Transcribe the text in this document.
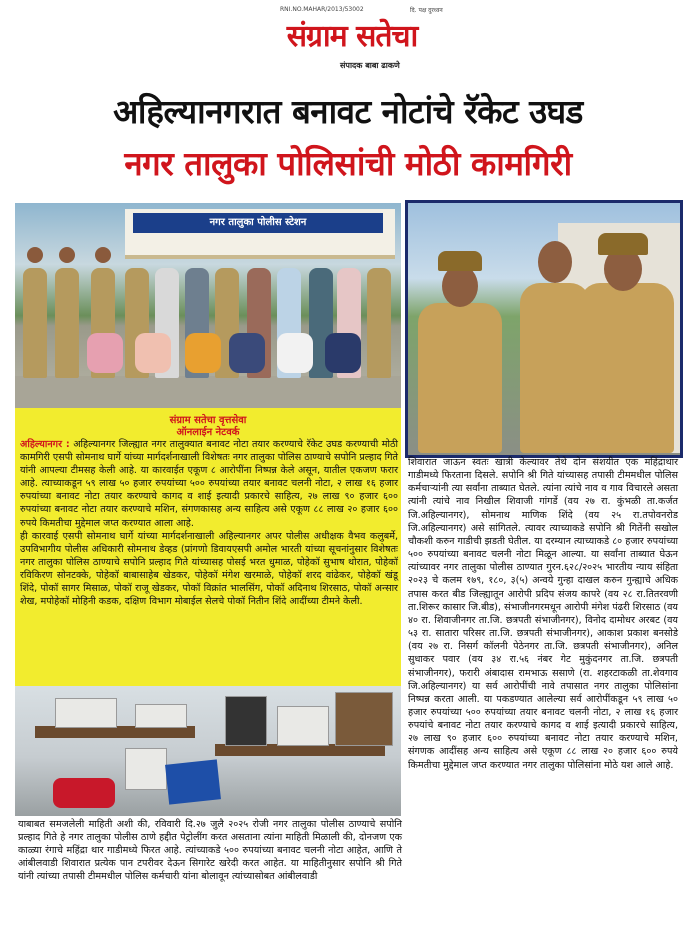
RNI.NO.MAHAR/2013/53002	दि. पक्ष दुरध्वन
संग्राम सतेचा
संपादक बाबा ढाकणे
अहिल्यानगरात बनावट नोटांचे रॅकेट उघड
नगर तालुका पोलिसांची मोठी कामगिरी
नगर तालुका पोलीस स्टेशन
संग्राम सतेचा वृत्तसेवा
ऑनलाईन नेटवर्क

अहिल्यानगर : अहिल्यानगर जिल्ह्यात नगर तालुक्यात बनावट नोटा तयार करण्याचे रॅकेट उघड करण्याची मोठी कामगिरी एसपी सोमनाथ घार्गे यांच्या मार्गदर्शनाखाली विशेषतः नगर तालुका पोलिस ठाण्याचे सपोनि प्रल्हाद गिते यांनी आपल्या टीमसह केली आहे. या कारवाईत एकूण ८ आरोपींना निष्पन्न केले असून, यातील एकजण फरार आहे. त्याच्याकडून ५९ लाख ५० हजार रुपयांच्या ५०० रुपयांच्या तयार बनावट चलनी नोटा, २ लाख १६ हजार रुपयांच्या बनावट नोटा तयार करण्याचे कागद व शाई इत्यादी प्रकारचे साहित्य, २७ लाख ९० हजार ६०० रुपयांच्या बनावट नोटा तयार करण्याचे मशिन, संगणकासह अन्य साहित्य असे एकूण ८८ लाख २० हजार ६०० रुपये किमतीचा मुद्देमाल जप्त करण्यात आला आहे.

ही कारवाई एसपी सोमनाथ घार्गे यांच्या मार्गदर्शनाखाली अहिल्यानगर अपर पोलीस अधीक्षक वैभव कलुबर्मे, उपविभागीय पोलीस अधिकारी सोमनाथ डेव्हड (प्रांगणो डिवायएसपी अमोल भारती यांच्या सूचनांनुसार विशेषतः नगर तालुका पोलिस ठाण्याचे सपोनि प्रल्हाद गिते यांच्यासह पोसई भरत धुमाळ, पोहेकॉ सुभाष थोरात, पोहेकॉ रविकिरण सोनटक्के, पोहेकॉ बाबासाहेब खेडकर, पोहेकॉ मंगेश खरमाळे, पोहेकॉ शरद वांढेकर, पोहेकॉ खंडू शिंदे, पोकॉ सागर मिसाळ, पोकॉ राजू खेडकर, पोकॉ विक्रांत भालसिंग, पोकॉ अदिनाथ शिरसाठ, पोकॉ अन्सार शेख, मपोहेकॉ मोहिनी कडक, दक्षिण विभाग मोबाईल सेलचे पोकॉ नितीन शिंदे आदींच्या टीमने केली.

याबाबत समजलेली माहिती अशी की, रविवारी दि.२७ जुलै २०२५ रोजी नगर तालुका पोलीस ठाण्याचे सपोनि प्रल्हाद गिते हे नगर तालुका पोलीस ठाणे हद्दीत पेट्रोलींग करत असताना त्यांना माहिती मिळाली की, दोनजण एक काळ्या रंगाचे महिंद्रा थार गाडीमध्ये फिरत आहे. त्यांच्याकडे ५०० रुपयांच्या बनावट चलनी नोटा आहेत, आणि ते आंबीलवाडी शिवारात प्रत्येक पान टपरीवर देऊन सिगारेट खरेदी करत आहेत. या माहितीनुसार सपोनि श्री गिते यांनी त्यांच्या तपासी टीममधील पोलिस कर्मचारी यांना बोलावून त्यांच्यासोबत आंबीलवाडी

शिवारात जाऊन स्वतः खात्री केल्यावर तेथे दोन संशयीत एक महिंद्राथार गाडीमध्ये फिरताना दिसले. सपोनि श्री गिते यांच्यासह तपासी टीममधील पोलिस कर्मचाऱ्यांनी त्या सर्वांना ताब्यात घेतले. त्यांना त्यांचे नाव व गाव विचारले असता त्यांनी त्यांचे नाव निखील शिवाजी गांगर्डे (वय २७ रा. कुंभळी ता.कर्जत जि.अहिल्यानगर), सोमनाथ माणिक शिंदे (वय २५ रा.तपोवनरोड जि.अहिल्यानगर) असे सांगितले. त्यावर त्याच्याकडे सपोनि श्री गितेंनी सखोल चौकशी करुन गाडीची झडती घेतील. या दरम्यान त्याच्याकडे ८० हजार रुपयांच्या ५०० रुपयांच्या बनावट चलनी नोटा मिळून आल्या. या सर्वांना ताब्यात घेऊन त्यांच्यावर नगर तालुका पोलीस ठाण्यात गुरन.६२८/२०२५ भारतीय न्याय संहिता २०२३ चे कलम १७९, १८०, ३(५) अन्वये गुन्हा दाखल करुन गुन्ह्याचे अधिक तपास करत बीड जिल्ह्यातून आरोपी प्रदिप संजय कापरे (वय २८ रा.तितरवणी ता.शिरूर कासार जि.बीड), संभाजीनगरमधून आरोपी मंगेश पंढरी शिरसाठ (वय ४० रा. शिवाजीनगर ता.जि. छत्रपती संभाजीनगर), विनोद दामोधर अरबट (वय ५३ रा. सातारा परिसर ता.जि. छत्रपती संभाजीनगर), आकाश प्रकाश बनसोडे (वय २७ रा. निसर्ग कॉलनी पेठेनगर ता.जि. छत्रपती संभाजीनगर), अनिल सुधाकर पवार (वय ३४ रा.५६ नंबर गेट मुकुंदनगर ता.जि. छत्रपती संभाजीनगर), फरारी अंबादास रामभाऊ ससाणे (रा. शहरटाकळी ता.शेवगाव जि.अहिल्यानगर) या सर्व आरोपींची नावे तपासात नगर तालुका पोलिसांना निष्पन्न करता आली. या पकडण्यात आलेल्या सर्व आरोपींकडून ५९ लाख ५० हजार रुपयांच्या ५०० रुपयांच्या तयार बनावट चलनी नोटा, २ लाख १६ हजार रुपयांचे बनावट नोटा तयार करण्याचे कागद व शाई इत्यादी प्रकारचे साहित्य, २७ लाख ९० हजार ६०० रुपयांच्या बनावट नोटा तयार करण्याचे मशिन, संगणक आदींसह अन्य साहित्य असे एकूण ८८ लाख २० हजार ६०० रुपये किमतीचा मुद्देमाल जप्त करण्यात नगर तालुका पोलिसांना मोठे यश आले आहे.
